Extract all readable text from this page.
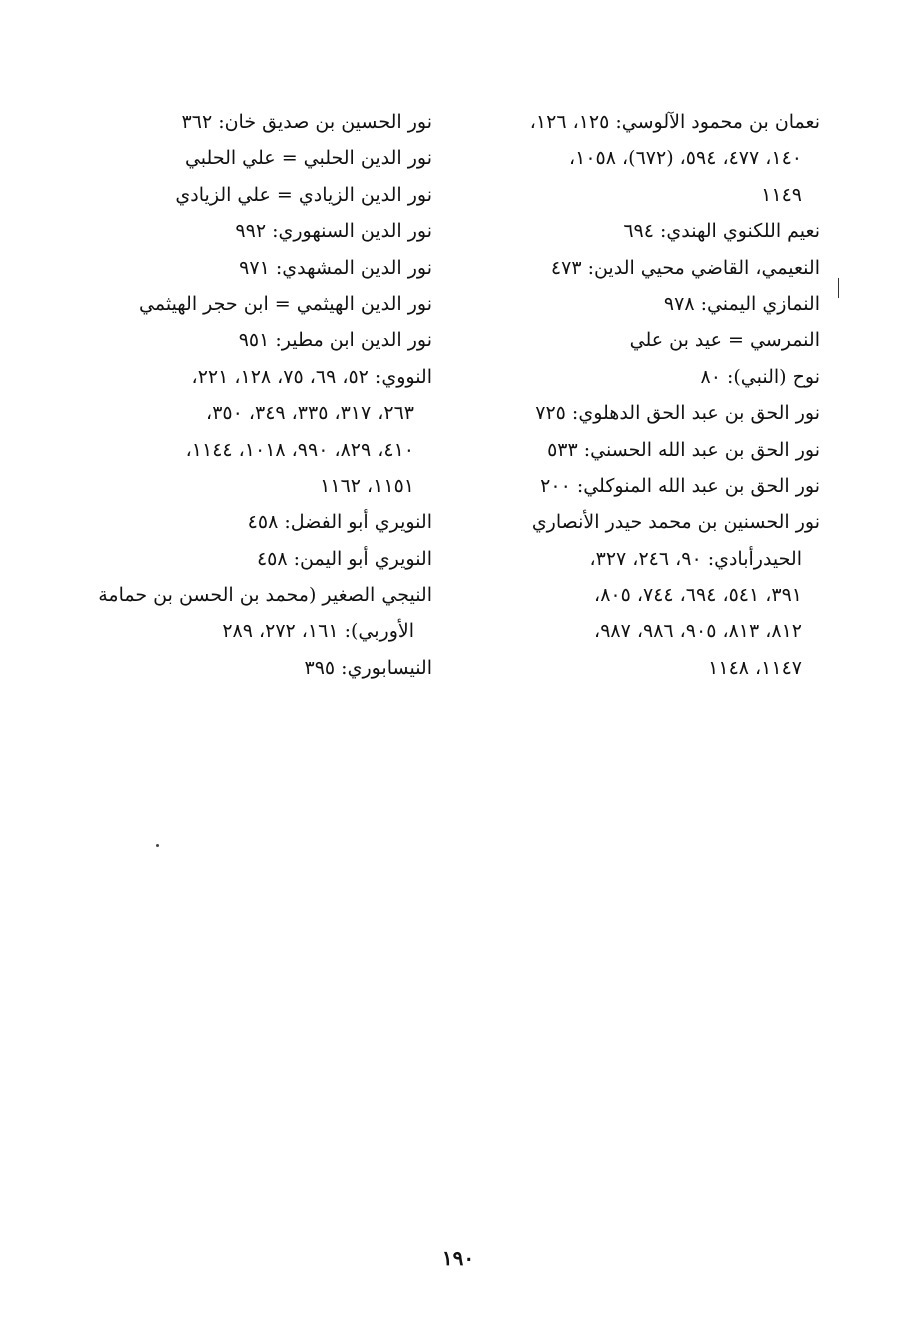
نعمان بن محمود الآلوسي: ١٢٥، ١٢٦،
١٤٠، ٤٧٧، ٥٩٤، (٦٧٢)، ١٠٥٨،
١١٤٩
نعيم اللكنوي الهندي: ٦٩٤
النعيمي، القاضي محيي الدين: ٤٧٣
النمازي اليمني: ٩٧٨
النمرسي = عيد بن علي
نوح (النبي): ٨٠
نور الحق بن عبد الحق الدهلوي: ٧٢٥
نور الحق بن عبد الله الحسني: ٥٣٣
نور الحق بن عبد الله المنوكلي: ٢٠٠
نور الحسنين بن محمد حيدر الأنصاري
الحيدرأبادي: ٩٠، ٢٤٦، ٣٢٧،
٣٩١، ٥٤١، ٦٩٤، ٧٤٤، ٨٠٥،
٨١٢، ٨١٣، ٩٠٥، ٩٨٦، ٩٨٧،
١١٤٧، ١١٤٨
نور الحسين بن صديق خان: ٣٦٢
نور الدين الحلبي = علي الحلبي
نور الدين الزيادي = علي الزيادي
نور الدين السنهوري: ٩٩٢
نور الدين المشهدي: ٩٧١
نور الدين الهيثمي = ابن حجر الهيثمي
نور الدين ابن مطير: ٩٥١
النووي: ٥٢، ٦٩، ٧٥، ١٢٨، ٢٢١،
٢٦٣، ٣١٧، ٣٣٥، ٣٤٩، ٣٥٠،
٤١٠، ٨٢٩، ٩٩٠، ١٠١٨، ١١٤٤،
١١٥١، ١١٦٢
النويري أبو الفضل: ٤٥٨
النويري أبو اليمن: ٤٥٨
النيجي الصغير (محمد بن الحسن بن حمامة
الأوربي): ١٦١، ٢٧٢، ٢٨٩
النيسابوري: ٣٩٥
١٩٠
